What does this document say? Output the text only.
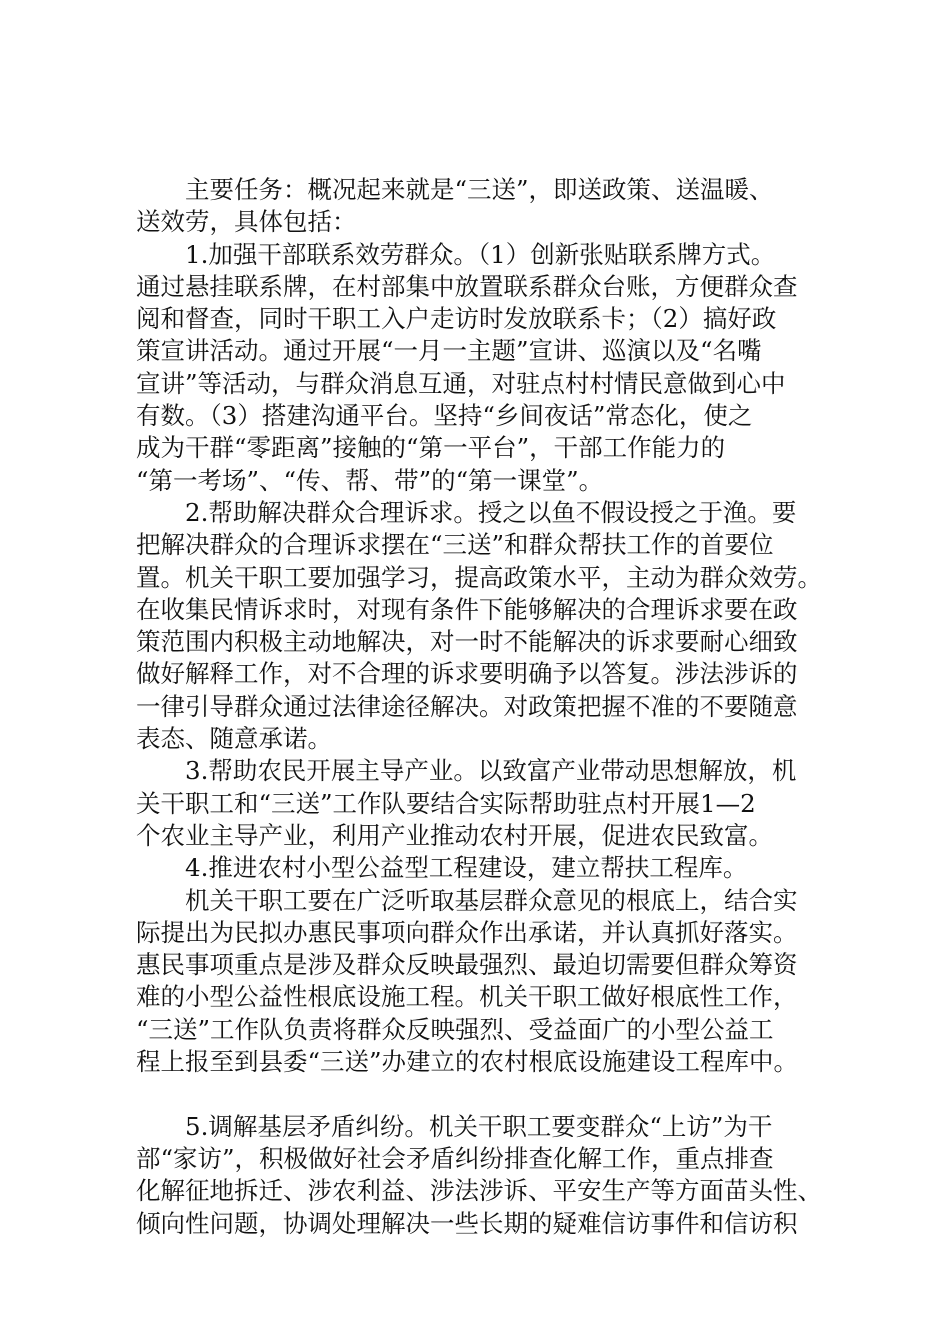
主要任务：概况起来就是“三送”，即送政策、送温暖、
送效劳，具体包括：
1.加强干部联系效劳群众。（1）创新张贴联系牌方式。
通过悬挂联系牌，在村部集中放置联系群众台账，方便群众查
阅和督查，同时干职工入户走访时发放联系卡；（2）搞好政
策宣讲活动。通过开展“一月一主题”宣讲、巡演以及“名嘴
宣讲”等活动，与群众消息互通，对驻点村村情民意做到心中
有数。（3）搭建沟通平台。坚持“乡间夜话”常态化，使之
成为干群“零距离”接触的“第一平台”，干部工作能力的
“第一考场”、“传、帮、带”的“第一课堂”。
2.帮助解决群众合理诉求。授之以鱼不假设授之于渔。要
把解决群众的合理诉求摆在“三送”和群众帮扶工作的首要位
置。机关干职工要加强学习，提高政策水平，主动为群众效劳。
在收集民情诉求时，对现有条件下能够解决的合理诉求要在政
策范围内积极主动地解决，对一时不能解决的诉求要耐心细致
做好解释工作，对不合理的诉求要明确予以答复。涉法涉诉的
一律引导群众通过法律途径解决。对政策把握不准的不要随意
表态、随意承诺。
3.帮助农民开展主导产业。以致富产业带动思想解放，机
关干职工和“三送”工作队要结合实际帮助驻点村开展1—2
个农业主导产业，利用产业推动农村开展，促进农民致富。
4.推进农村小型公益型工程建设，建立帮扶工程库。
机关干职工要在广泛听取基层群众意见的根底上，结合实
际提出为民拟办惠民事项向群众作出承诺，并认真抓好落实。
惠民事项重点是涉及群众反映最强烈、最迫切需要但群众筹资
难的小型公益性根底设施工程。机关干职工做好根底性工作，
“三送”工作队负责将群众反映强烈、受益面广的小型公益工
程上报至到县委“三送”办建立的农村根底设施建设工程库中。
5.调解基层矛盾纠纷。机关干职工要变群众“上访”为干
部“家访”，积极做好社会矛盾纠纷排查化解工作，重点排查
化解征地拆迁、涉农利益、涉法涉诉、平安生产等方面苗头性、
倾向性问题，协调处理解决一些长期的疑难信访事件和信访积
